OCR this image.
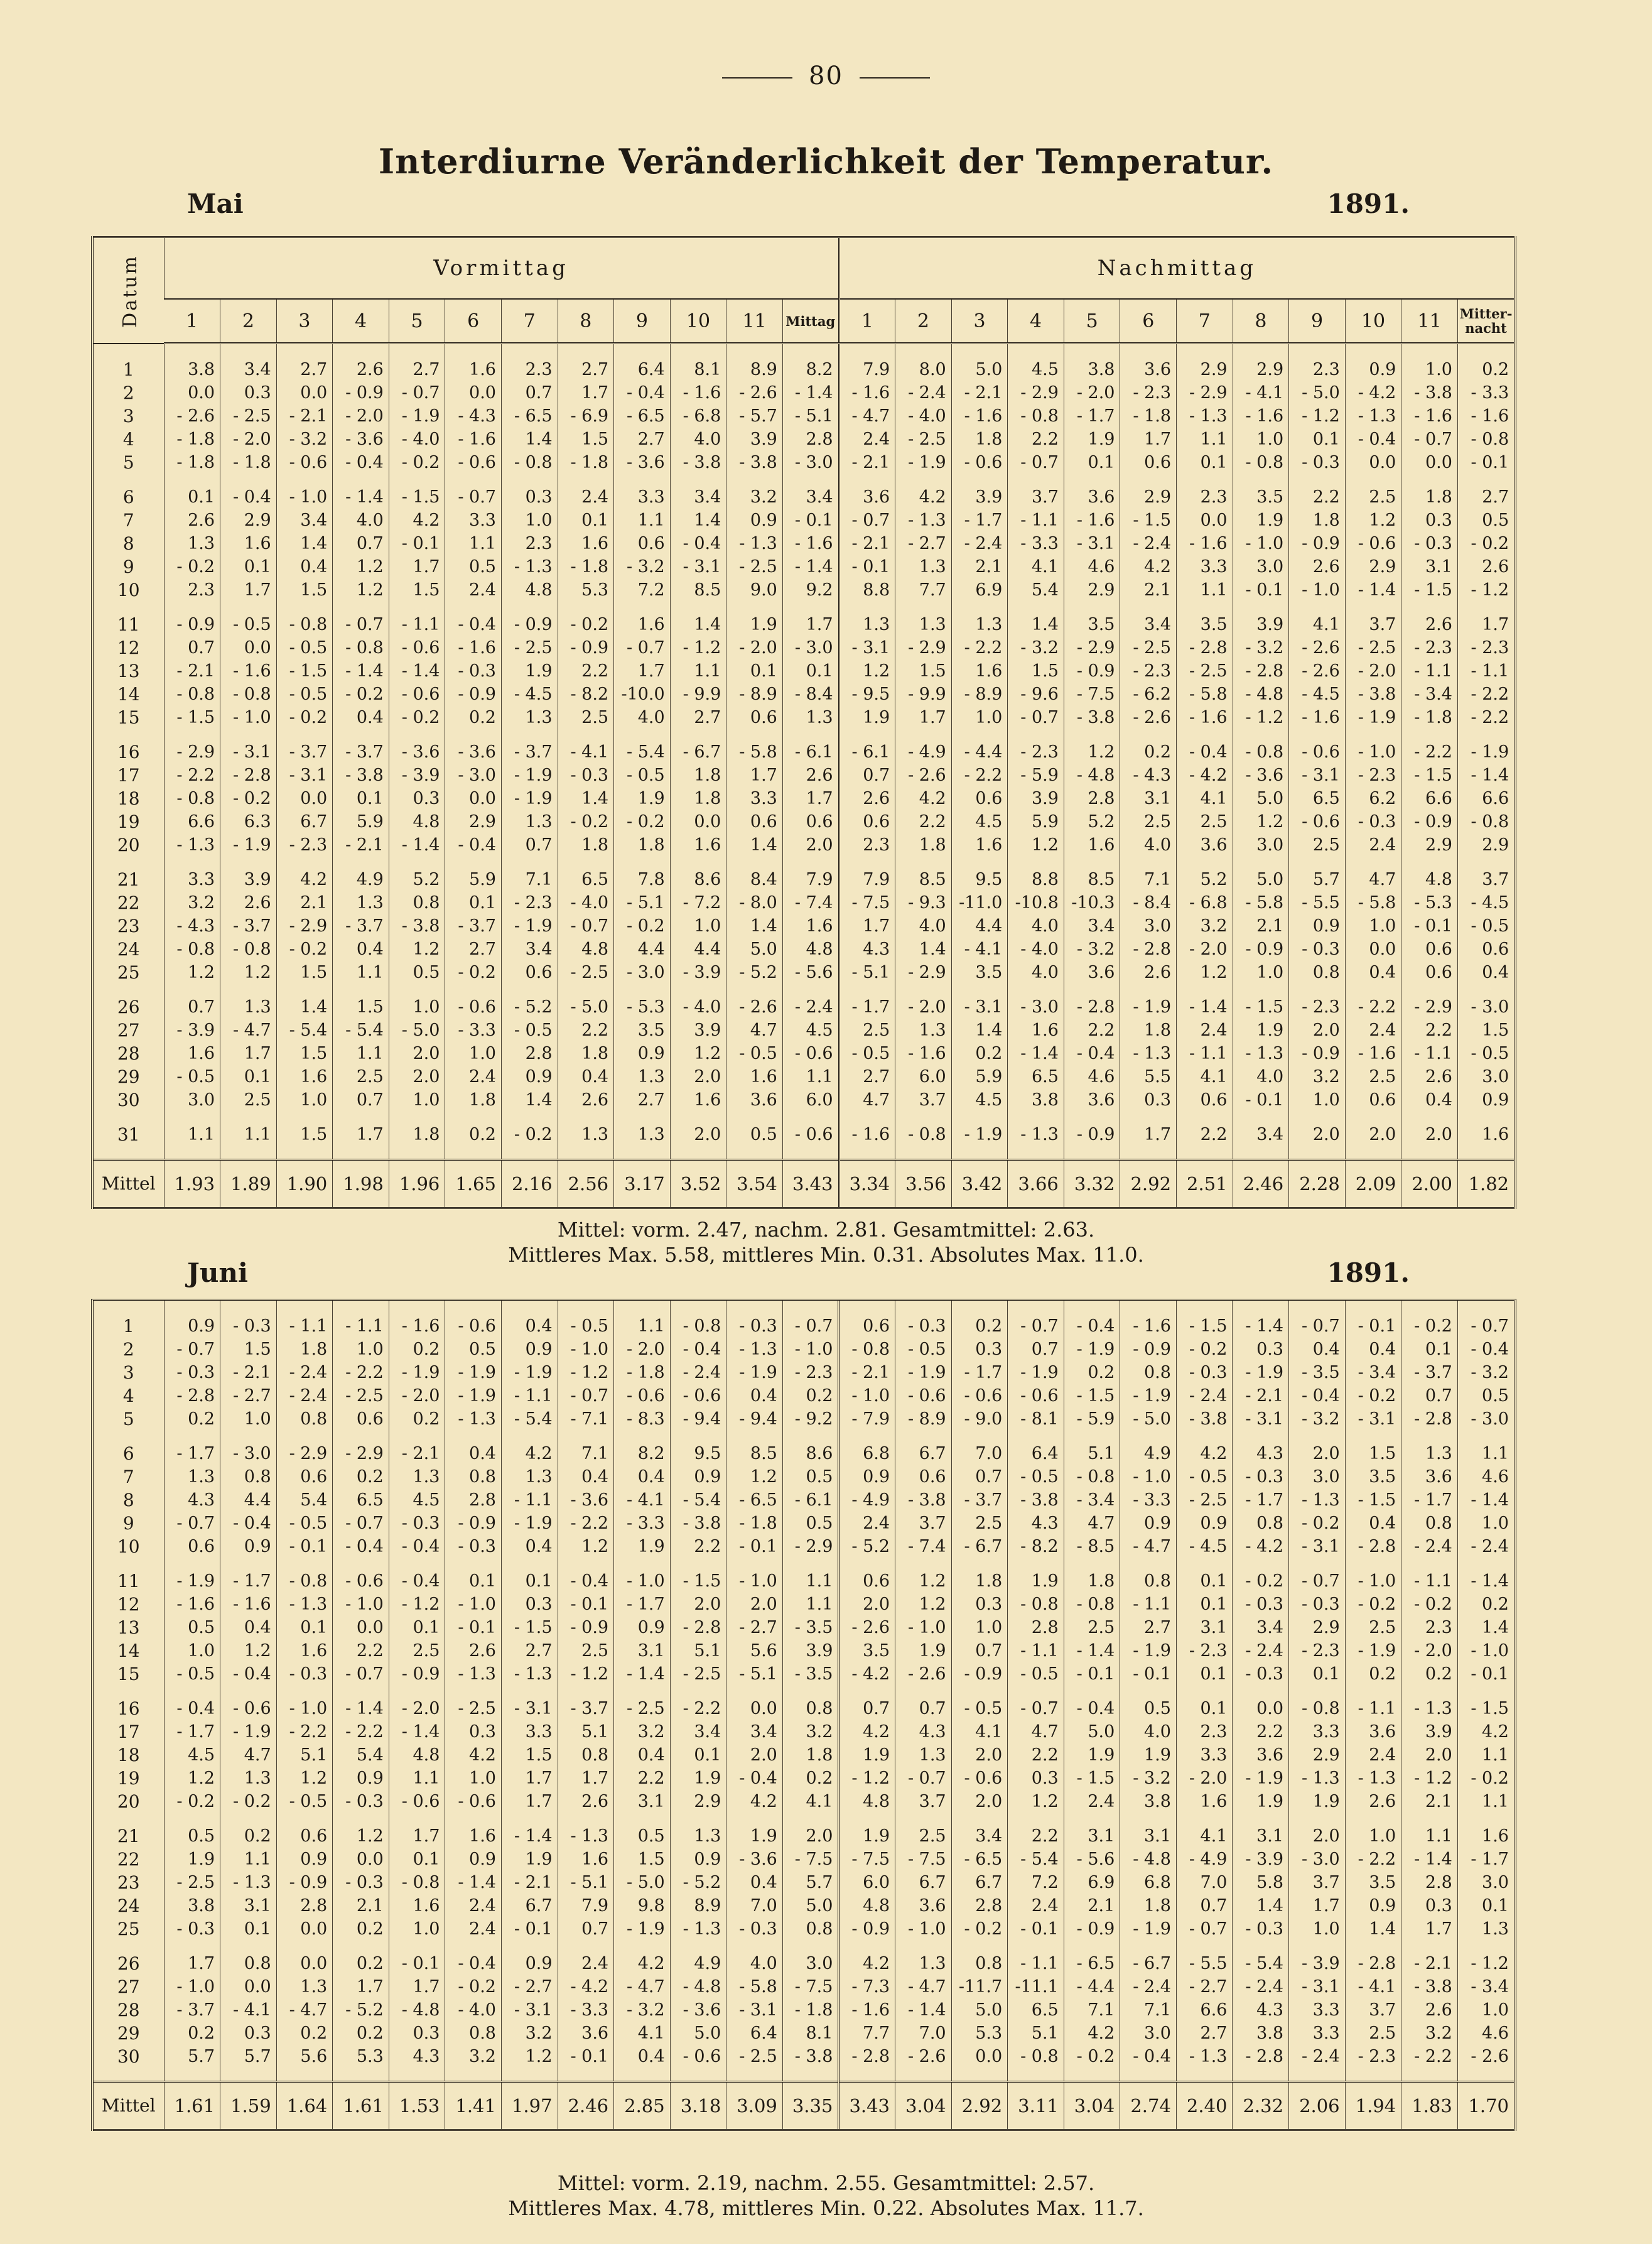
80
Interdiurne Veränderlichkeit der Temperatur.
Mai	1891.
Datum	Vormittag												Nachmittag											
	1	2	3	4	5	6	7	8	9	10	11	Mittag	1	2	3	4	5	6	7	8	9	10	11	Mitter-nacht

1	3.8	3.4	2.7	2.6	2.7	1.6	2.3	2.7	6.4	8.1	8.9	8.2	7.9	8.0	5.0	4.5	3.8	3.6	2.9	2.9	2.3	0.9	1.0	0.2
2	0.0	0.3	0.0	- 0.9	- 0.7	0.0	0.7	1.7	- 0.4	- 1.6	- 2.6	- 1.4	- 1.6	- 2.4	- 2.1	- 2.9	- 2.0	- 2.3	- 2.9	- 4.1	- 5.0	- 4.2	- 3.8	- 3.3
3	- 2.6	- 2.5	- 2.1	- 2.0	- 1.9	- 4.3	- 6.5	- 6.9	- 6.5	- 6.8	- 5.7	- 5.1	- 4.7	- 4.0	- 1.6	- 0.8	- 1.7	- 1.8	- 1.3	- 1.6	- 1.2	- 1.3	- 1.6	- 1.6
4	- 1.8	- 2.0	- 3.2	- 3.6	- 4.0	- 1.6	1.4	1.5	2.7	4.0	3.9	2.8	2.4	- 2.5	1.8	2.2	1.9	1.7	1.1	1.0	0.1	- 0.4	- 0.7	- 0.8
5	- 1.8	- 1.8	- 0.6	- 0.4	- 0.2	- 0.6	- 0.8	- 1.8	- 3.6	- 3.8	- 3.8	- 3.0	- 2.1	- 1.9	- 0.6	- 0.7	0.1	0.6	0.1	- 0.8	- 0.3	0.0	0.0	- 0.1
6	0.1	- 0.4	- 1.0	- 1.4	- 1.5	- 0.7	0.3	2.4	3.3	3.4	3.2	3.4	3.6	4.2	3.9	3.7	3.6	2.9	2.3	3.5	2.2	2.5	1.8	2.7
7	2.6	2.9	3.4	4.0	4.2	3.3	1.0	0.1	1.1	1.4	0.9	- 0.1	- 0.7	- 1.3	- 1.7	- 1.1	- 1.6	- 1.5	0.0	1.9	1.8	1.2	0.3	0.5
8	1.3	1.6	1.4	0.7	- 0.1	1.1	2.3	1.6	0.6	- 0.4	- 1.3	- 1.6	- 2.1	- 2.7	- 2.4	- 3.3	- 3.1	- 2.4	- 1.6	- 1.0	- 0.9	- 0.6	- 0.3	- 0.2
9	- 0.2	0.1	0.4	1.2	1.7	0.5	- 1.3	- 1.8	- 3.2	- 3.1	- 2.5	- 1.4	- 0.1	1.3	2.1	4.1	4.6	4.2	3.3	3.0	2.6	2.9	3.1	2.6
10	2.3	1.7	1.5	1.2	1.5	2.4	4.8	5.3	7.2	8.5	9.0	9.2	8.8	7.7	6.9	5.4	2.9	2.1	1.1	- 0.1	- 1.0	- 1.4	- 1.5	- 1.2
11	- 0.9	- 0.5	- 0.8	- 0.7	- 1.1	- 0.4	- 0.9	- 0.2	1.6	1.4	1.9	1.7	1.3	1.3	1.3	1.4	3.5	3.4	3.5	3.9	4.1	3.7	2.6	1.7
12	0.7	0.0	- 0.5	- 0.8	- 0.6	- 1.6	- 2.5	- 0.9	- 0.7	- 1.2	- 2.0	- 3.0	- 3.1	- 2.9	- 2.2	- 3.2	- 2.9	- 2.5	- 2.8	- 3.2	- 2.6	- 2.5	- 2.3	- 2.3
13	- 2.1	- 1.6	- 1.5	- 1.4	- 1.4	- 0.3	1.9	2.2	1.7	1.1	0.1	0.1	1.2	1.5	1.6	1.5	- 0.9	- 2.3	- 2.5	- 2.8	- 2.6	- 2.0	- 1.1	- 1.1
14	- 0.8	- 0.8	- 0.5	- 0.2	- 0.6	- 0.9	- 4.5	- 8.2	-10.0	- 9.9	- 8.9	- 8.4	- 9.5	- 9.9	- 8.9	- 9.6	- 7.5	- 6.2	- 5.8	- 4.8	- 4.5	- 3.8	- 3.4	- 2.2
15	- 1.5	- 1.0	- 0.2	0.4	- 0.2	0.2	1.3	2.5	4.0	2.7	0.6	1.3	1.9	1.7	1.0	- 0.7	- 3.8	- 2.6	- 1.6	- 1.2	- 1.6	- 1.9	- 1.8	- 2.2
16	- 2.9	- 3.1	- 3.7	- 3.7	- 3.6	- 3.6	- 3.7	- 4.1	- 5.4	- 6.7	- 5.8	- 6.1	- 6.1	- 4.9	- 4.4	- 2.3	1.2	0.2	- 0.4	- 0.8	- 0.6	- 1.0	- 2.2	- 1.9
17	- 2.2	- 2.8	- 3.1	- 3.8	- 3.9	- 3.0	- 1.9	- 0.3	- 0.5	1.8	1.7	2.6	0.7	- 2.6	- 2.2	- 5.9	- 4.8	- 4.3	- 4.2	- 3.6	- 3.1	- 2.3	- 1.5	- 1.4
18	- 0.8	- 0.2	0.0	0.1	0.3	0.0	- 1.9	1.4	1.9	1.8	3.3	1.7	2.6	4.2	0.6	3.9	2.8	3.1	4.1	5.0	6.5	6.2	6.6	6.6
19	6.6	6.3	6.7	5.9	4.8	2.9	1.3	- 0.2	- 0.2	0.0	0.6	0.6	0.6	2.2	4.5	5.9	5.2	2.5	2.5	1.2	- 0.6	- 0.3	- 0.9	- 0.8
20	- 1.3	- 1.9	- 2.3	- 2.1	- 1.4	- 0.4	0.7	1.8	1.8	1.6	1.4	2.0	2.3	1.8	1.6	1.2	1.6	4.0	3.6	3.0	2.5	2.4	2.9	2.9
21	3.3	3.9	4.2	4.9	5.2	5.9	7.1	6.5	7.8	8.6	8.4	7.9	7.9	8.5	9.5	8.8	8.5	7.1	5.2	5.0	5.7	4.7	4.8	3.7
22	3.2	2.6	2.1	1.3	0.8	0.1	- 2.3	- 4.0	- 5.1	- 7.2	- 8.0	- 7.4	- 7.5	- 9.3	-11.0	-10.8	-10.3	- 8.4	- 6.8	- 5.8	- 5.5	- 5.8	- 5.3	- 4.5
23	- 4.3	- 3.7	- 2.9	- 3.7	- 3.8	- 3.7	- 1.9	- 0.7	- 0.2	1.0	1.4	1.6	1.7	4.0	4.4	4.0	3.4	3.0	3.2	2.1	0.9	1.0	- 0.1	- 0.5
24	- 0.8	- 0.8	- 0.2	0.4	1.2	2.7	3.4	4.8	4.4	4.4	5.0	4.8	4.3	1.4	- 4.1	- 4.0	- 3.2	- 2.8	- 2.0	- 0.9	- 0.3	0.0	0.6	0.6
25	1.2	1.2	1.5	1.1	0.5	- 0.2	0.6	- 2.5	- 3.0	- 3.9	- 5.2	- 5.6	- 5.1	- 2.9	3.5	4.0	3.6	2.6	1.2	1.0	0.8	0.4	0.6	0.4
26	0.7	1.3	1.4	1.5	1.0	- 0.6	- 5.2	- 5.0	- 5.3	- 4.0	- 2.6	- 2.4	- 1.7	- 2.0	- 3.1	- 3.0	- 2.8	- 1.9	- 1.4	- 1.5	- 2.3	- 2.2	- 2.9	- 3.0
27	- 3.9	- 4.7	- 5.4	- 5.4	- 5.0	- 3.3	- 0.5	2.2	3.5	3.9	4.7	4.5	2.5	1.3	1.4	1.6	2.2	1.8	2.4	1.9	2.0	2.4	2.2	1.5
28	1.6	1.7	1.5	1.1	2.0	1.0	2.8	1.8	0.9	1.2	- 0.5	- 0.6	- 0.5	- 1.6	0.2	- 1.4	- 0.4	- 1.3	- 1.1	- 1.3	- 0.9	- 1.6	- 1.1	- 0.5
29	- 0.5	0.1	1.6	2.5	2.0	2.4	0.9	0.4	1.3	2.0	1.6	1.1	2.7	6.0	5.9	6.5	4.6	5.5	4.1	4.0	3.2	2.5	2.6	3.0
30	3.0	2.5	1.0	0.7	1.0	1.8	1.4	2.6	2.7	1.6	3.6	6.0	4.7	3.7	4.5	3.8	3.6	0.3	0.6	- 0.1	1.0	0.6	0.4	0.9
31	1.1	1.1	1.5	1.7	1.8	0.2	- 0.2	1.3	1.3	2.0	0.5	- 0.6	- 1.6	- 0.8	- 1.9	- 1.3	- 0.9	1.7	2.2	3.4	2.0	2.0	2.0	1.6

Mittel	1.93	1.89	1.90	1.98	1.96	1.65	2.16	2.56	3.17	3.52	3.54	3.43	3.34	3.56	3.42	3.66	3.32	2.92	2.51	2.46	2.28	2.09	2.00	1.82
Mittel: vorm. 2.47, nachm. 2.81. Gesamtmittel: 2.63.
Mittleres Max. 5.58, mittleres Min. 0.31. Absolutes Max. 11.0.
Juni	1891.
1	0.9	- 0.3	- 1.1	- 1.1	- 1.6	- 0.6	0.4	- 0.5	1.1	- 0.8	- 0.3	- 0.7	0.6	- 0.3	0.2	- 0.7	- 0.4	- 1.6	- 1.5	- 1.4	- 0.7	- 0.1	- 0.2	- 0.7
2	- 0.7	1.5	1.8	1.0	0.2	0.5	0.9	- 1.0	- 2.0	- 0.4	- 1.3	- 1.0	- 0.8	- 0.5	0.3	0.7	- 1.9	- 0.9	- 0.2	0.3	0.4	0.4	0.1	- 0.4
3	- 0.3	- 2.1	- 2.4	- 2.2	- 1.9	- 1.9	- 1.9	- 1.2	- 1.8	- 2.4	- 1.9	- 2.3	- 2.1	- 1.9	- 1.7	- 1.9	0.2	0.8	- 0.3	- 1.9	- 3.5	- 3.4	- 3.7	- 3.2
4	- 2.8	- 2.7	- 2.4	- 2.5	- 2.0	- 1.9	- 1.1	- 0.7	- 0.6	- 0.6	0.4	0.2	- 1.0	- 0.6	- 0.6	- 0.6	- 1.5	- 1.9	- 2.4	- 2.1	- 0.4	- 0.2	0.7	0.5
5	0.2	1.0	0.8	0.6	0.2	- 1.3	- 5.4	- 7.1	- 8.3	- 9.4	- 9.4	- 9.2	- 7.9	- 8.9	- 9.0	- 8.1	- 5.9	- 5.0	- 3.8	- 3.1	- 3.2	- 3.1	- 2.8	- 3.0
6	- 1.7	- 3.0	- 2.9	- 2.9	- 2.1	0.4	4.2	7.1	8.2	9.5	8.5	8.6	6.8	6.7	7.0	6.4	5.1	4.9	4.2	4.3	2.0	1.5	1.3	1.1
7	1.3	0.8	0.6	0.2	1.3	0.8	1.3	0.4	0.4	0.9	1.2	0.5	0.9	0.6	0.7	- 0.5	- 0.8	- 1.0	- 0.5	- 0.3	3.0	3.5	3.6	4.6
8	4.3	4.4	5.4	6.5	4.5	2.8	- 1.1	- 3.6	- 4.1	- 5.4	- 6.5	- 6.1	- 4.9	- 3.8	- 3.7	- 3.8	- 3.4	- 3.3	- 2.5	- 1.7	- 1.3	- 1.5	- 1.7	- 1.4
9	- 0.7	- 0.4	- 0.5	- 0.7	- 0.3	- 0.9	- 1.9	- 2.2	- 3.3	- 3.8	- 1.8	0.5	2.4	3.7	2.5	4.3	4.7	0.9	0.9	0.8	- 0.2	0.4	0.8	1.0
10	0.6	0.9	- 0.1	- 0.4	- 0.4	- 0.3	0.4	1.2	1.9	2.2	- 0.1	- 2.9	- 5.2	- 7.4	- 6.7	- 8.2	- 8.5	- 4.7	- 4.5	- 4.2	- 3.1	- 2.8	- 2.4	- 2.4
11	- 1.9	- 1.7	- 0.8	- 0.6	- 0.4	0.1	0.1	- 0.4	- 1.0	- 1.5	- 1.0	1.1	0.6	1.2	1.8	1.9	1.8	0.8	0.1	- 0.2	- 0.7	- 1.0	- 1.1	- 1.4
12	- 1.6	- 1.6	- 1.3	- 1.0	- 1.2	- 1.0	0.3	- 0.1	- 1.7	2.0	2.0	1.1	2.0	1.2	0.3	- 0.8	- 0.8	- 1.1	0.1	- 0.3	- 0.3	- 0.2	- 0.2	0.2
13	0.5	0.4	0.1	0.0	0.1	- 0.1	- 1.5	- 0.9	0.9	- 2.8	- 2.7	- 3.5	- 2.6	- 1.0	1.0	2.8	2.5	2.7	3.1	3.4	2.9	2.5	2.3	1.4
14	1.0	1.2	1.6	2.2	2.5	2.6	2.7	2.5	3.1	5.1	5.6	3.9	3.5	1.9	0.7	- 1.1	- 1.4	- 1.9	- 2.3	- 2.4	- 2.3	- 1.9	- 2.0	- 1.0
15	- 0.5	- 0.4	- 0.3	- 0.7	- 0.9	- 1.3	- 1.3	- 1.2	- 1.4	- 2.5	- 5.1	- 3.5	- 4.2	- 2.6	- 0.9	- 0.5	- 0.1	- 0.1	0.1	- 0.3	0.1	0.2	0.2	- 0.1
16	- 0.4	- 0.6	- 1.0	- 1.4	- 2.0	- 2.5	- 3.1	- 3.7	- 2.5	- 2.2	0.0	0.8	0.7	0.7	- 0.5	- 0.7	- 0.4	0.5	0.1	0.0	- 0.8	- 1.1	- 1.3	- 1.5
17	- 1.7	- 1.9	- 2.2	- 2.2	- 1.4	0.3	3.3	5.1	3.2	3.4	3.4	3.2	4.2	4.3	4.1	4.7	5.0	4.0	2.3	2.2	3.3	3.6	3.9	4.2
18	4.5	4.7	5.1	5.4	4.8	4.2	1.5	0.8	0.4	0.1	2.0	1.8	1.9	1.3	2.0	2.2	1.9	1.9	3.3	3.6	2.9	2.4	2.0	1.1
19	1.2	1.3	1.2	0.9	1.1	1.0	1.7	1.7	2.2	1.9	- 0.4	0.2	- 1.2	- 0.7	- 0.6	0.3	- 1.5	- 3.2	- 2.0	- 1.9	- 1.3	- 1.3	- 1.2	- 0.2
20	- 0.2	- 0.2	- 0.5	- 0.3	- 0.6	- 0.6	1.7	2.6	3.1	2.9	4.2	4.1	4.8	3.7	2.0	1.2	2.4	3.8	1.6	1.9	1.9	2.6	2.1	1.1
21	0.5	0.2	0.6	1.2	1.7	1.6	- 1.4	- 1.3	0.5	1.3	1.9	2.0	1.9	2.5	3.4	2.2	3.1	3.1	4.1	3.1	2.0	1.0	1.1	1.6
22	1.9	1.1	0.9	0.0	0.1	0.9	1.9	1.6	1.5	0.9	- 3.6	- 7.5	- 7.5	- 7.5	- 6.5	- 5.4	- 5.6	- 4.8	- 4.9	- 3.9	- 3.0	- 2.2	- 1.4	- 1.7
23	- 2.5	- 1.3	- 0.9	- 0.3	- 0.8	- 1.4	- 2.1	- 5.1	- 5.0	- 5.2	0.4	5.7	6.0	6.7	6.7	7.2	6.9	6.8	7.0	5.8	3.7	3.5	2.8	3.0
24	3.8	3.1	2.8	2.1	1.6	2.4	6.7	7.9	9.8	8.9	7.0	5.0	4.8	3.6	2.8	2.4	2.1	1.8	0.7	1.4	1.7	0.9	0.3	0.1
25	- 0.3	0.1	0.0	0.2	1.0	2.4	- 0.1	0.7	- 1.9	- 1.3	- 0.3	0.8	- 0.9	- 1.0	- 0.2	- 0.1	- 0.9	- 1.9	- 0.7	- 0.3	1.0	1.4	1.7	1.3
26	1.7	0.8	0.0	0.2	- 0.1	- 0.4	0.9	2.4	4.2	4.9	4.0	3.0	4.2	1.3	0.8	- 1.1	- 6.5	- 6.7	- 5.5	- 5.4	- 3.9	- 2.8	- 2.1	- 1.2
27	- 1.0	0.0	1.3	1.7	1.7	- 0.2	- 2.7	- 4.2	- 4.7	- 4.8	- 5.8	- 7.5	- 7.3	- 4.7	-11.7	-11.1	- 4.4	- 2.4	- 2.7	- 2.4	- 3.1	- 4.1	- 3.8	- 3.4
28	- 3.7	- 4.1	- 4.7	- 5.2	- 4.8	- 4.0	- 3.1	- 3.3	- 3.2	- 3.6	- 3.1	- 1.8	- 1.6	- 1.4	5.0	6.5	7.1	7.1	6.6	4.3	3.3	3.7	2.6	1.0
29	0.2	0.3	0.2	0.2	0.3	0.8	3.2	3.6	4.1	5.0	6.4	8.1	7.7	7.0	5.3	5.1	4.2	3.0	2.7	3.8	3.3	2.5	3.2	4.6
30	5.7	5.7	5.6	5.3	4.3	3.2	1.2	- 0.1	0.4	- 0.6	- 2.5	- 3.8	- 2.8	- 2.6	0.0	- 0.8	- 0.2	- 0.4	- 1.3	- 2.8	- 2.4	- 2.3	- 2.2	- 2.6

Mittel	1.61	1.59	1.64	1.61	1.53	1.41	1.97	2.46	2.85	3.18	3.09	3.35	3.43	3.04	2.92	3.11	3.04	2.74	2.40	2.32	2.06	1.94	1.83	1.70
Mittel: vorm. 2.19, nachm. 2.55. Gesamtmittel: 2.57.
Mittleres Max. 4.78, mittleres Min. 0.22. Absolutes Max. 11.7.
